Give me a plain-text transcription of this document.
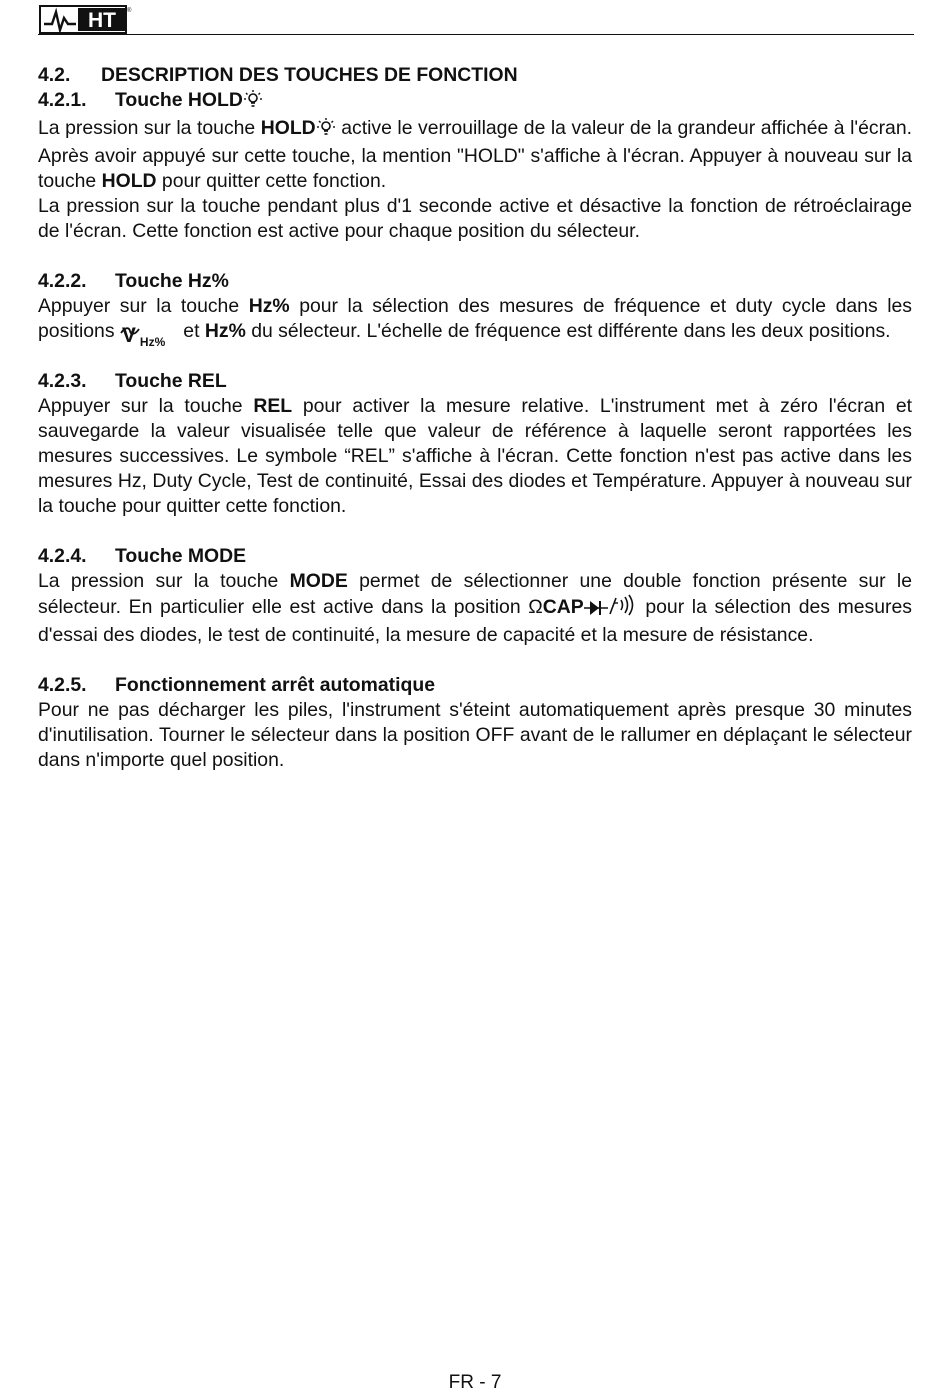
HT ®

4.2. DESCRIPTION DES TOUCHES DE FONCTION

4.2.1. Touche HOLD

La pression sur la touche HOLD active le verrouillage de la valeur de la grandeur affichée à l'écran. Après avoir appuyé sur cette touche, la mention "HOLD" s'affiche à l'écran. Appuyer à nouveau sur la touche HOLD pour quitter cette fonction.

La pression sur la touche pendant plus d'1 seconde active et désactive la fonction de rétroéclairage de l'écran. Cette fonction est active pour chaque position du sélecteur.

4.2.2. Touche Hz%

Appuyer sur la touche Hz% pour la sélection des mesures de fréquence et duty cycle dans les positions V Hz% et Hz% du sélecteur. L'échelle de fréquence est différente dans les deux positions.

4.2.3. Touche REL

Appuyer sur la touche REL pour activer la mesure relative. L'instrument met à zéro l'écran et sauvegarde la valeur visualisée telle que valeur de référence à laquelle seront rapportées les mesures successives. Le symbole “REL” s'affiche à l'écran. Cette fonction n'est pas active dans les mesures Hz, Duty Cycle, Test de continuité, Essai des diodes et Température. Appuyer à nouveau sur la touche pour quitter cette fonction.

4.2.4. Touche MODE

La pression sur la touche MODE permet de sélectionner une double fonction présente sur le sélecteur. En particulier elle est active dans la position ΩCAP	pour la sélection des mesures d'essai des diodes, le test de continuité, la mesure de capacité et la mesure de résistance.

4.2.5. Fonctionnement arrêt automatique

Pour ne pas décharger les piles, l'instrument s'éteint automatiquement après presque 30 minutes d'inutilisation. Tourner le sélecteur dans la position OFF avant de le rallumer en déplaçant le sélecteur dans n'importe quel position.

FR - 7
